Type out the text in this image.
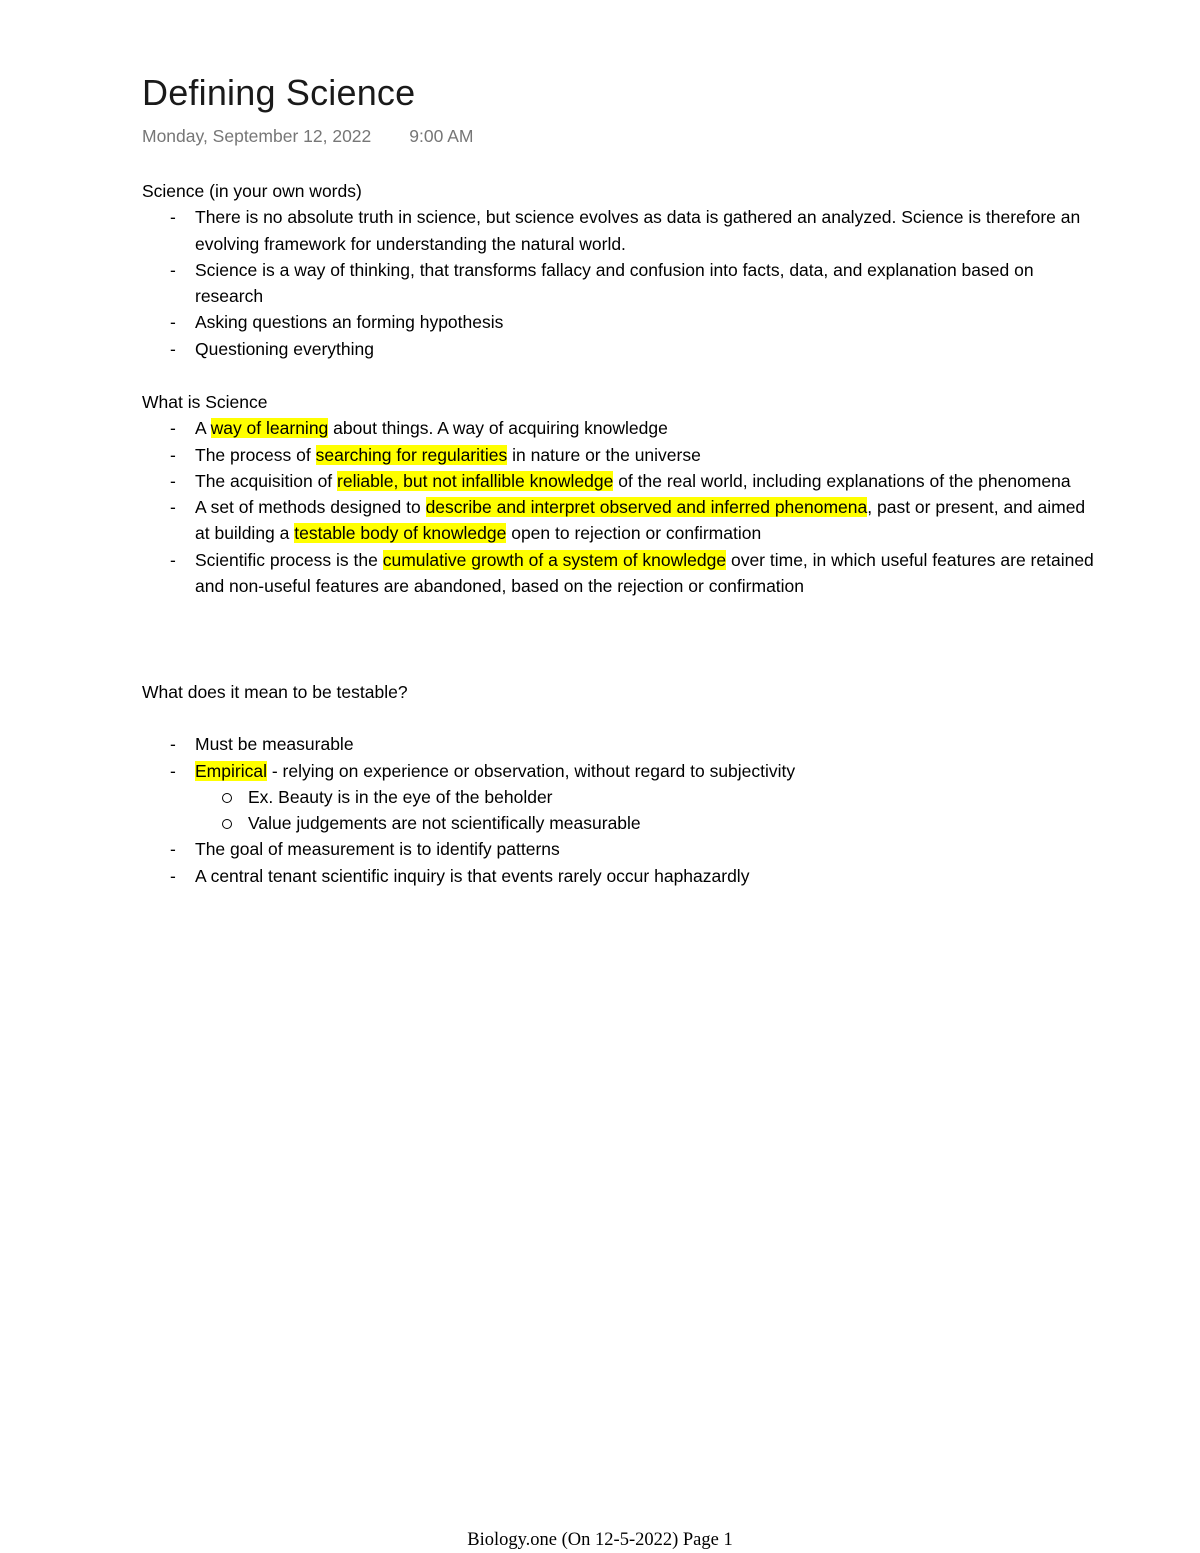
Defining Science
Monday, September 12, 2022 9:00 AM
Science (in your own words)
- There is no absolute truth in science, but science evolves as data is gathered an analyzed. Science is therefore an evolving framework for understanding the natural world.
- Science is a way of thinking, that transforms fallacy and confusion into facts, data, and explanation based on research
- Asking questions an forming hypothesis
- Questioning everything
What is Science
- A way of learning about things. A way of acquiring knowledge
- The process of searching for regularities in nature or the universe
- The acquisition of reliable, but not infallible knowledge of the real world, including explanations of the phenomena
- A set of methods designed to describe and interpret observed and inferred phenomena, past or present, and aimed at building a testable body of knowledge open to rejection or confirmation
- Scientific process is the cumulative growth of a system of knowledge over time, in which useful features are retained and non-useful features are abandoned, based on the rejection or confirmation
What does it mean to be testable?
- Must be measurable
- Empirical - relying on experience or observation, without regard to subjectivity
Ex. Beauty is in the eye of the beholder
Value judgements are not scientifically measurable
- The goal of measurement is to identify patterns
- A central tenant scientific inquiry is that events rarely occur haphazardly
Biology.one (On 12-5-2022) Page 1
